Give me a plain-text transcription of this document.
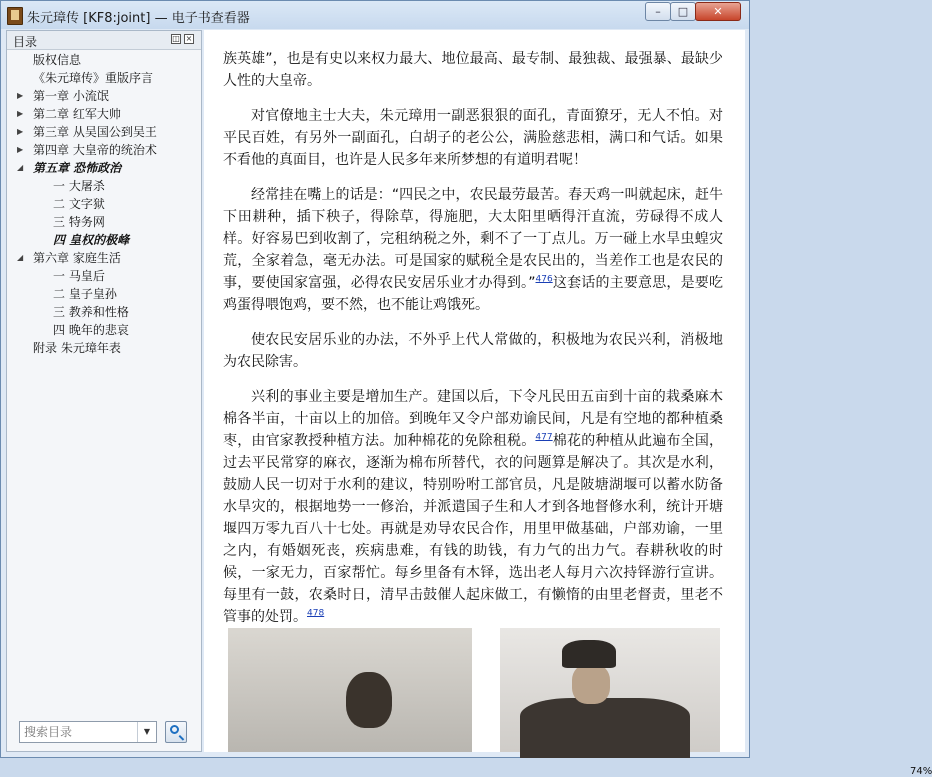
朱元璋传 [KF8:joint] — 电子书查看器	–	□	✕
目录	◫ ×
版权信息
《朱元璋传》重版序言
▶ 第一章 小流氓
▶ 第二章 红军大帅
▶ 第三章 从吴国公到吴王
▶ 第四章 大皇帝的统治术
◢ 第五章 恐怖政治
一 大屠杀
二 文字狱
三 特务网
四 皇权的极峰
◢ 第六章 家庭生活
一 马皇后
二 皇子皇孙
三 教养和性格
四 晚年的悲哀
附录 朱元璋年表
搜索目录
▼

族英雄”，也是有史以来权力最大、地位最高、最专制、最独裁、最强暴、最缺少人性的大皇帝。

对官僚地主士大夫，朱元璋用一副恶狠狠的面孔，青面獠牙，无人不怕。对平民百姓，有另外一副面孔，白胡子的老公公，满脸慈悲相，满口和气话。如果不看他的真面目，也许是人民多年来所梦想的有道明君呢！

经常挂在嘴上的话是：“四民之中，农民最劳最苦。春天鸡一叫就起床，赶牛下田耕种，插下秧子，得除草，得施肥，大太阳里晒得汗直流，劳碌得不成人样。好容易巴到收割了，完租纳税之外，剩不了一丁点儿。万一碰上水旱虫蝗灾荒，全家着急，毫无办法。可是国家的赋税全是农民出的，当差作工也是农民的事，要使国家富强，必得农民安居乐业才办得到。”$^{476}$这套话的主要意思，是要吃鸡蛋得喂饱鸡，要不然，也不能让鸡饿死。

使农民安居乐业的办法，不外乎上代人常做的，积极地为农民兴利，消极地为农民除害。

兴利的事业主要是增加生产。建国以后，下令凡民田五亩到十亩的栽桑麻木棉各半亩，十亩以上的加倍。到晚年又令户部劝谕民间，凡是有空地的都种植桑枣，由官家教授种植方法。加种棉花的免除租税。$^{477}$棉花的种植从此遍布全国，过去平民常穿的麻衣，逐渐为棉布所替代，衣的问题算是解决了。其次是水利，鼓励人民一切对于水利的建议，特别吩咐工部官员，凡是陂塘湖堰可以蓄水防备水旱灾的，根据地势一一修治，并派遣国子生和人才到各地督修水利，统计开塘堰四万零九百八十七处。再就是劝导农民合作，用里甲做基础，户部劝谕，一里之内，有婚姻死丧，疾病患难，有钱的助钱，有力气的出力气。春耕秋收的时候，一家无力，百家帮忙。每乡里备有木铎，选出老人每月六次持铎游行宣讲。每里有一鼓，农桑时日，清早击鼓催人起床做工，有懒惰的由里老督责，里老不管事的处罚。$^{478}$

74%
